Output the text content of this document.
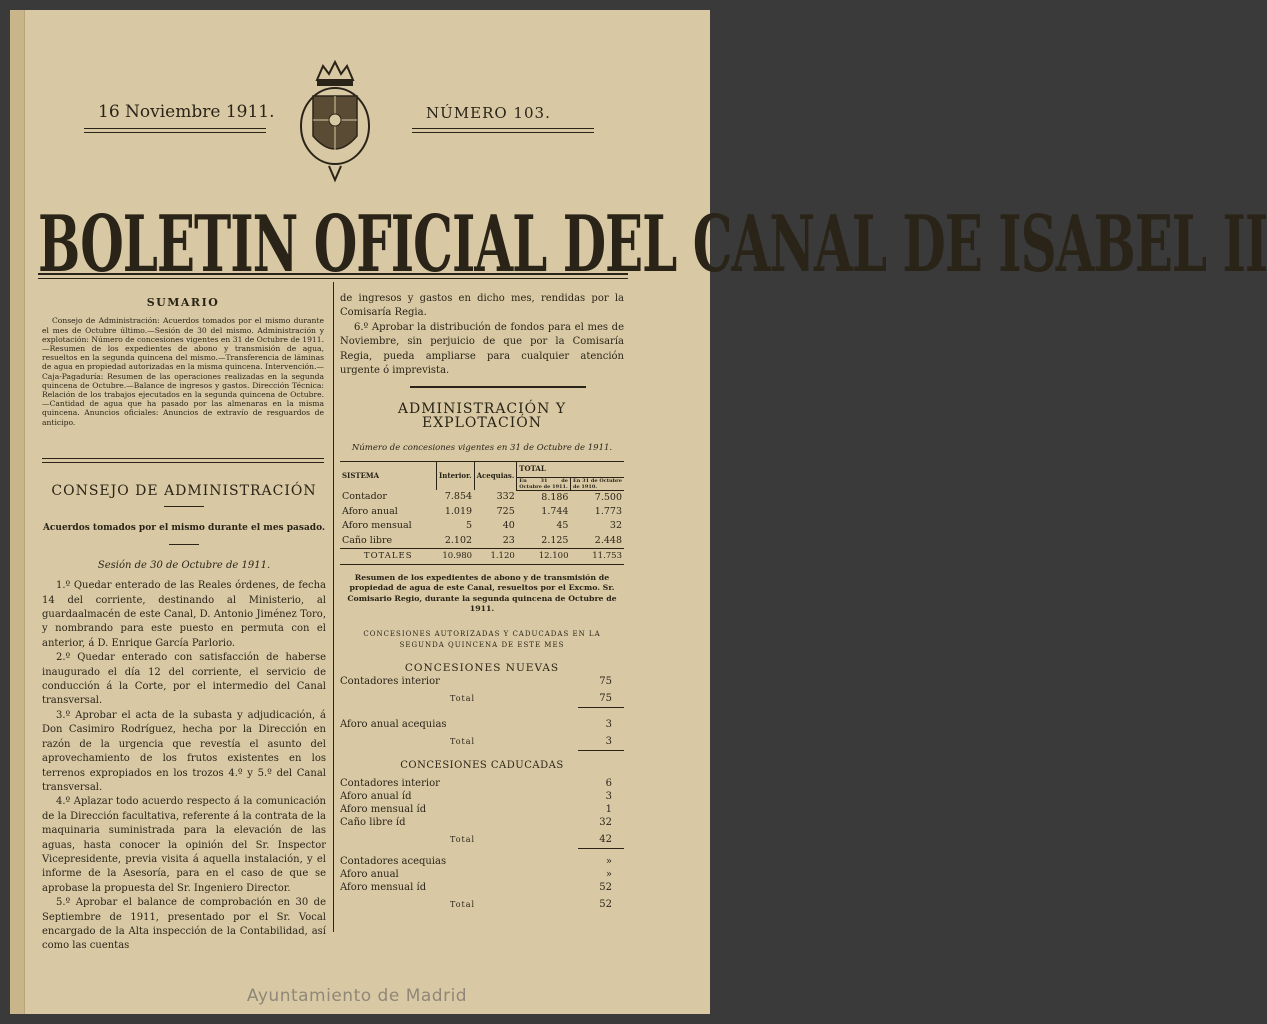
16 Noviembre 1911.	NÚMERO 103.
BOLETIN OFICIAL DEL CANAL DE ISABEL II
SUMARIO
Consejo de Administración: Acuerdos tomados por el mismo durante el mes de Octubre último.—Sesión de 30 del mismo. Administración y explotación: Número de concesiones vigentes en 31 de Octubre de 1911.—Resumen de los expedientes de abono y transmisión de agua, resueltos en la segunda quincena del mismo.—Transferencia de láminas de agua en propiedad autorizadas en la misma quincena. Intervención.—Caja-Pagaduría: Resumen de las operaciones realizadas en la segunda quincena de Octubre.—Balance de ingresos y gastos. Dirección Técnica: Relación de los trabajos ejecutados en la segunda quincena de Octubre.—Cantidad de agua que ha pasado por las almenaras en la misma quincena. Anuncios oficiales: Anuncios de extravío de resguardos de anticipo.
CONSEJO DE ADMINISTRACIÓN
Acuerdos tomados por el mismo durante el mes pasado.
Sesión de 30 de Octubre de 1911.

1.º Quedar enterado de las Reales órdenes, de fecha 14 del corriente, destinando al Ministerio, al guardaalmacén de este Canal, D. Antonio Jiménez Toro, y nombrando para este puesto en permuta con el anterior, á D. Enrique García Parlorio.

2.º Quedar enterado con satisfacción de haberse inaugurado el día 12 del corriente, el servicio de conducción á la Corte, por el intermedio del Canal transversal.

3.º Aprobar el acta de la subasta y adjudicación, á Don Casimiro Rodríguez, hecha por la Dirección en razón de la urgencia que revestía el asunto del aprovechamiento de los frutos existentes en los terrenos expropiados en los trozos 4.º y 5.º del Canal transversal.

4.º Aplazar todo acuerdo respecto á la comunicación de la Dirección facultativa, referente á la contrata de la maquinaria suministrada para la elevación de las aguas, hasta conocer la opinión del Sr. Inspector Vicepresidente, previa visita á aquella instalación, y el informe de la Asesoría, para en el caso de que se aprobase la propuesta del Sr. Ingeniero Director.

5.º Aprobar el balance de comprobación en 30 de Septiembre de 1911, presentado por el Sr. Vocal encargado de la Alta inspección de la Contabilidad, así como las cuentas

de ingresos y gastos en dicho mes, rendidas por la Comisaría Regia.

6.º Aprobar la distribución de fondos para el mes de Noviembre, sin perjuicio de que por la Comisaría Regia, pueda ampliarse para cualquier atención urgente ó imprevista.

ADMINISTRACIÓN Y EXPLOTACIÓN
Número de concesiones vigentes en 31 de Octubre de 1911.
SISTEMA	Interior.	Acequias.	TOTAL	
			En 31 de Octubre de 1911.	En 31 de Octubre de 1910.
Contador	7.854	332	8.186	7.500
Aforo anual	1.019	725	1.744	1.773
Aforo mensual	5	40	45	32
Caño libre	2.102	23	2.125	2.448
TOTALES	10.980	1.120	12.100	11.753
Resumen de los expedientes de abono y de transmisión de propiedad de agua de este Canal, resueltos por el Excmo. Sr. Comisario Regio, durante la segunda quincena de Octubre de 1911.
CONCESIONES AUTORIZADAS Y CADUCADAS EN LA SEGUNDA QUINCENA DE ESTE MES
CONCESIONES NUEVAS
Contadores interior	75
Total	75
Aforo anual acequias	3
Total	3
CONCESIONES CADUCADAS
Contadores interior	6
Aforo anual íd	3
Aforo mensual íd	1
Caño libre íd	32
Total	42
Contadores acequias	»
Aforo anual	»
Aforo mensual íd	52
Total	52
Ayuntamiento de Madrid
